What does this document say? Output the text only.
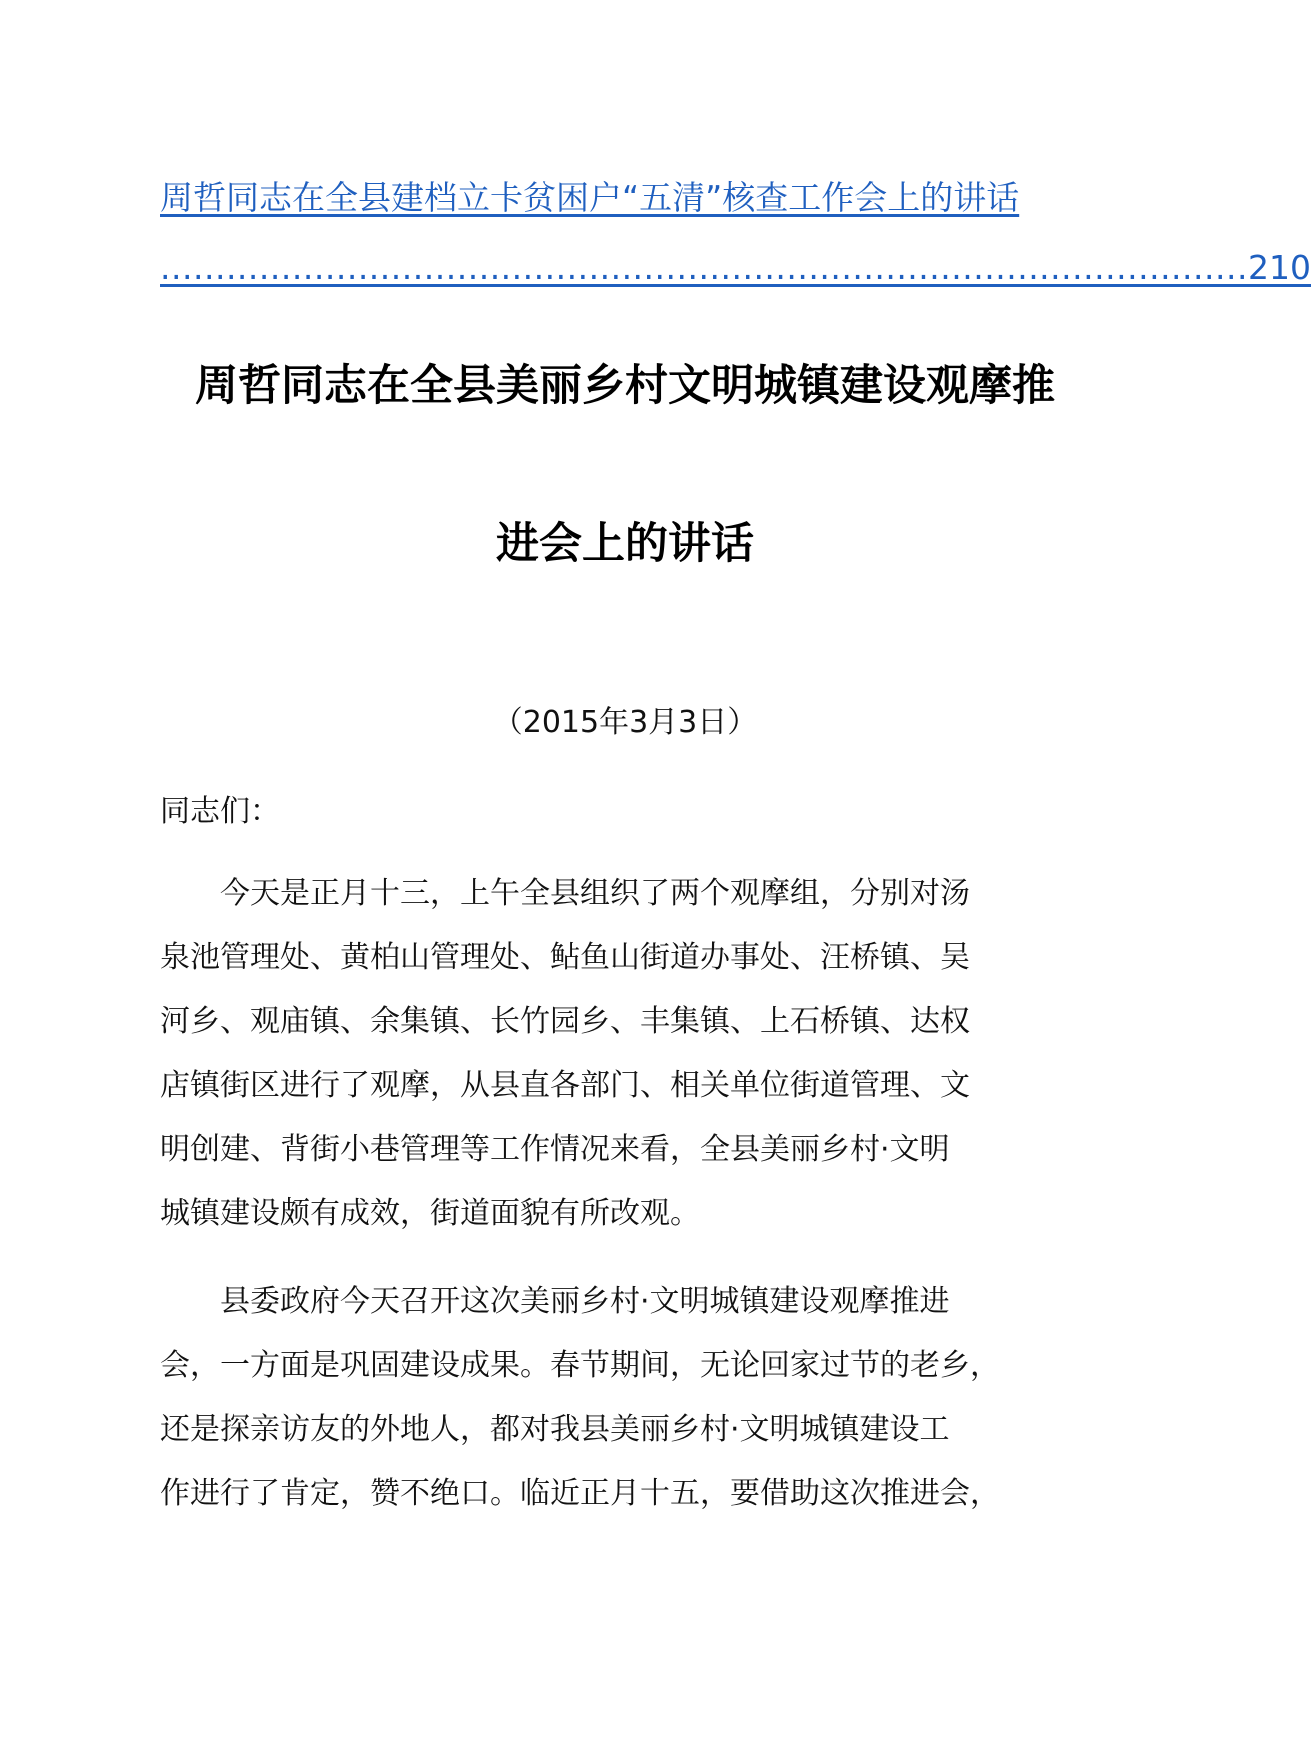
周哲同志在全县建档立卡贫困户“五清”核查工作会上的讲话
...................................................................................................210
周哲同志在全县美丽乡村文明城镇建设观摩推
进会上的讲话
（2015年3月3日）
同志们：
　　今天是正月十三，上午全县组织了两个观摩组，分别对汤
泉池管理处、黄柏山管理处、鲇鱼山街道办事处、汪桥镇、吴
河乡、观庙镇、余集镇、长竹园乡、丰集镇、上石桥镇、达权
店镇街区进行了观摩，从县直各部门、相关单位街道管理、文
明创建、背街小巷管理等工作情况来看，全县美丽乡村·文明
城镇建设颇有成效，街道面貌有所改观。
　　县委政府今天召开这次美丽乡村·文明城镇建设观摩推进
会，一方面是巩固建设成果。春节期间，无论回家过节的老乡，
还是探亲访友的外地人，都对我县美丽乡村·文明城镇建设工
作进行了肯定，赞不绝口。临近正月十五，要借助这次推进会，
